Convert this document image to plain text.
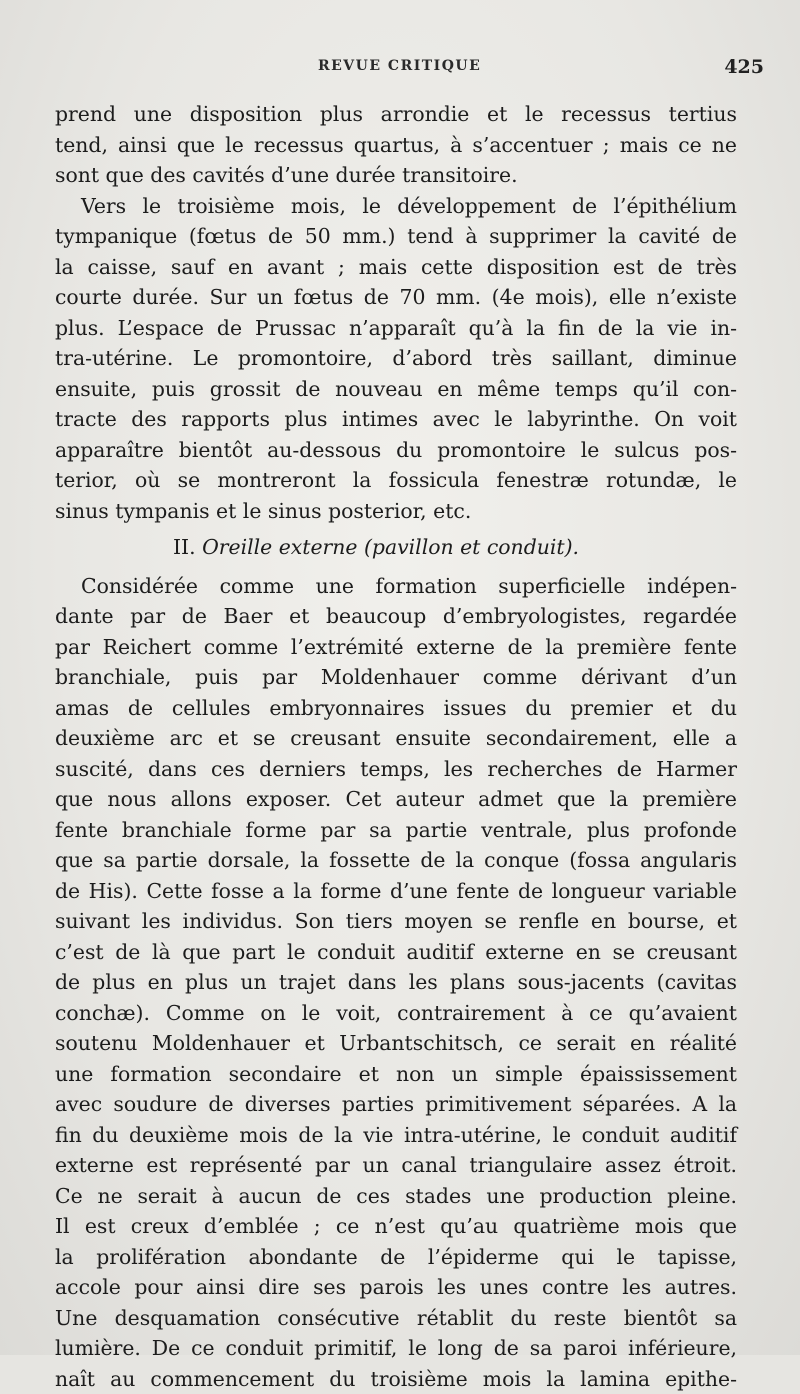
REVUE CRITIQUE	425
prend une disposition plus arrondie et le recessus tertius
tend, ainsi que le recessus quartus, à s’accentuer ; mais ce ne
sont que des cavités d’une durée transitoire.
Vers le troisième mois, le développement de l’épithélium
tympanique (fœtus de 50 mm.) tend à supprimer la cavité de
la caisse, sauf en avant ; mais cette disposition est de très
courte durée. Sur un fœtus de 70 mm. (4e mois), elle n’existe
plus. L’espace de Prussac n’apparaît qu’à la fin de la vie in-
tra-utérine. Le promontoire, d’abord très saillant, diminue
ensuite, puis grossit de nouveau en même temps qu’il con-
tracte des rapports plus intimes avec le labyrinthe. On voit
apparaître bientôt au-dessous du promontoire le sulcus pos-
terior, où se montreront la fossicula fenestræ rotundæ, le
sinus tympanis et le sinus posterior, etc.
II. Oreille externe (pavillon et conduit).
Considérée comme une formation superficielle indépen-
dante par de Baer et beaucoup d’embryologistes, regardée
par Reichert comme l’extrémité externe de la première fente
branchiale, puis par Moldenhauer comme dérivant d’un
amas de cellules embryonnaires issues du premier et du
deuxième arc et se creusant ensuite secondairement, elle a
suscité, dans ces derniers temps, les recherches de Harmer
que nous allons exposer. Cet auteur admet que la première
fente branchiale forme par sa partie ventrale, plus profonde
que sa partie dorsale, la fossette de la conque (fossa angularis
de His). Cette fosse a la forme d’une fente de longueur variable
suivant les individus. Son tiers moyen se renfle en bourse, et
c’est de là que part le conduit auditif externe en se creusant
de plus en plus un trajet dans les plans sous-jacents (cavitas
conchæ). Comme on le voit, contrairement à ce qu’avaient
soutenu Moldenhauer et Urbantschitsch, ce serait en réalité
une formation secondaire et non un simple épaississement
avec soudure de diverses parties primitivement séparées. A la
fin du deuxième mois de la vie intra-utérine, le conduit auditif
externe est représenté par un canal triangulaire assez étroit.
Ce ne serait à aucun de ces stades une production pleine.
Il est creux d’emblée ; ce n’est qu’au quatrième mois que
la prolifération abondante de l’épiderme qui le tapisse,
accole pour ainsi dire ses parois les unes contre les autres.
Une desquamation consécutive rétablit du reste bientôt sa
lumière. De ce conduit primitif, le long de sa paroi inférieure,
naît au commencement du troisième mois la lamina epithe-
